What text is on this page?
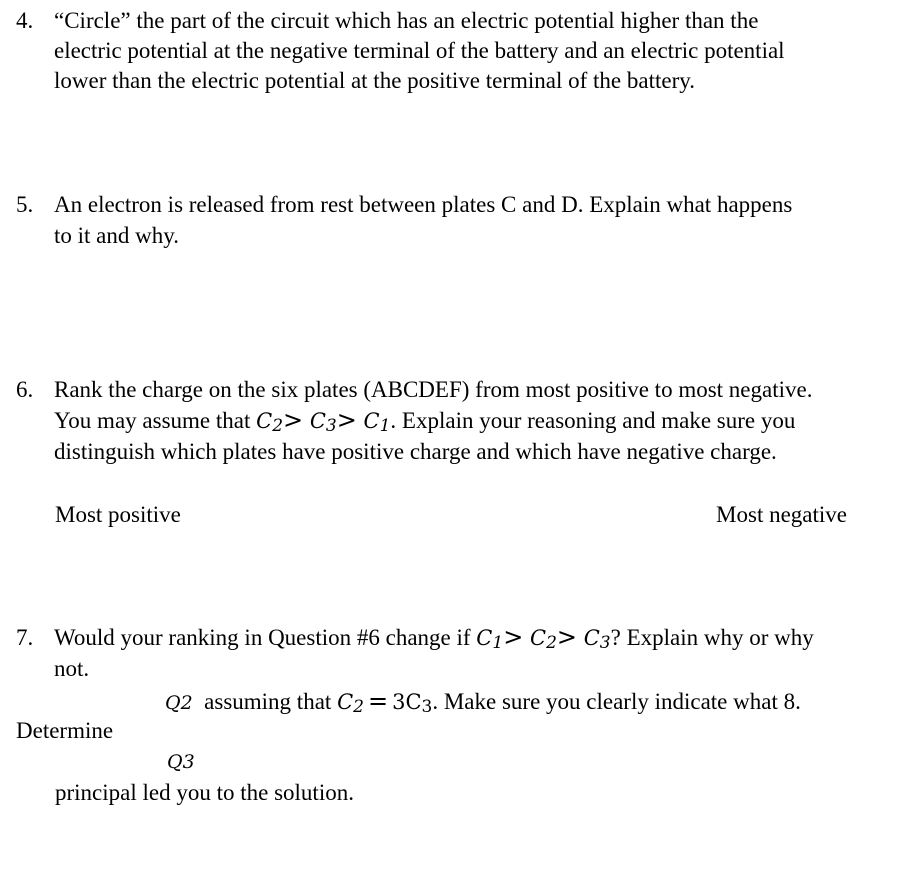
4. “Circle” the part of the circuit which has an electric potential higher than the
electric potential at the negative terminal of the battery and an electric potential
lower than the electric potential at the positive terminal of the battery.
5. An electron is released from rest between plates C and D. Explain what happens
to it and why.
6. Rank the charge on the six plates (ABCDEF) from most positive to most negative.
You may assume that C2> C3> C1. Explain your reasoning and make sure you
distinguish which plates have positive charge and which have negative charge.
Most positive	Most negative
7. Would your ranking in Question #6 change if C1> C2> C3? Explain why or why
not.
Q2 assuming that C2 = 3C3. Make sure you clearly indicate what 8.
Determine
Q3
principal led you to the solution.
